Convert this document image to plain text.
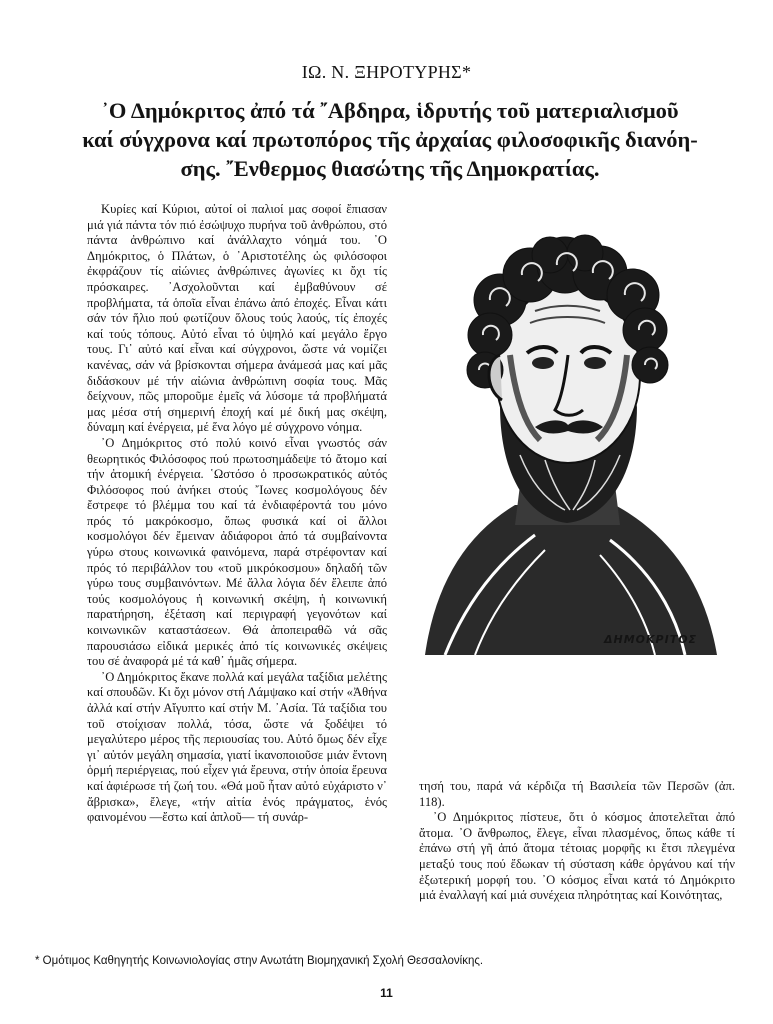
ΙΩ. Ν. ΞΗΡΟΤΥΡΗΣ*
᾿Ο Δημόκριτος ἀπό τά ῎Αβδηρα, ἱδρυτής τοῦ ματεριαλισμοῦ
καί σύγχρονα καί πρωτοπόρος τῆς ἀρχαίας φιλοσοφικῆς διανόη-
σης. ῎Ενθερμος θιασώτης τῆς Δημοκρατίας.

Κυρίες καί Κύριοι, αὐτοί οἱ παλιοί μας σοφοί ἔπιασαν μιά γιά πάντα τόν πιό ἐσώψυχο πυρήνα τοῦ ἀνθρώπου, στό πάντα ἀνθρώπινο καί ἀνάλλαχτο νόημά του. ᾿Ο Δημόκριτος, ὁ Πλάτων, ὁ ᾿Αριστοτέλης ὡς φιλόσοφοι ἐκφράζουν τίς αἰώνιες ἀνθρώπινες ἀγωνίες κι ὄχι τίς πρόσκαιρες. ᾿Ασχολοῦνται καί ἐμβαθύνουν σέ προβλήματα, τά ὁποῖα εἶναι ἐπάνω ἀπό ἐποχές. Εἶναι κάτι σάν τόν ἥλιο πού φωτίζουν ὅλους τούς λαούς, τίς ἐποχές καί τούς τόπους. Αὐτό εἶναι τό ὑψηλό καί μεγάλο ἔργο τους. Γι᾿ αὐτό καί εἶναι καί σύγχρονοι, ὥστε νά νομίζει κανένας, σάν νά βρίσκονται σήμερα ἀνάμεσά μας καί μᾶς διδάσκουν μέ τήν αἰώνια ἀνθρώπινη σοφία τους. Μᾶς δείχνουν, πῶς μποροῦμε ἐμεῖς νά λύσομε τά προβλήματά μας μέσα στή σημερινή ἐποχή καί μέ δική μας σκέψη, δύναμη καί ἐνέργεια, μέ ἕνα λόγο μέ σύγχρονο νόημα.

᾿Ο Δημόκριτος στό πολύ κοινό εἶναι γνωστός σάν θεωρητικός Φιλόσοφος πού πρωτοσημάδεψε τό ἄτομο καί τήν ἀτομική ἐνέργεια. ῾Ωστόσο ὁ προσωκρατικός αὐτός Φιλόσοφος πού ἀνήκει στούς ῎Ιωνες κοσμολόγους δέν ἔστρεφε τό βλέμμα του καί τά ἐνδιαφέροντά του μόνο πρός τό μακρόκοσμο, ὅπως φυσικά καί οἱ ἄλλοι κοσμολόγοι δέν ἔμειναν ἀδιάφοροι ἀπό τά συμβαίνοντα γύρω στους κοινωνικά φαινόμενα, παρά στρέφονταν καί πρός τό περιβάλλον του «τοῦ μικρόκοσμου» δηλαδή τῶν γύρω τους συμβαινόντων. Μέ ἄλλα λόγια δέν ἔλειπε ἀπό τούς κοσμολόγους ἡ κοινωνική σκέψη, ἡ κοινωνική παρατήρηση, ἐξέταση καί περιγραφή γεγονότων καί κοινωνικῶν καταστάσεων. Θά ἀποπειραθῶ νά σᾶς παρουσιάσω εἰδικά μερικές ἀπό τίς κοινωνικές σκέψεις του σέ ἀναφορά μέ τά καθ᾿ ἡμᾶς σήμερα.

᾿Ο Δημόκριτος ἔκανε πολλά καί μεγάλα ταξίδια μελέτης καί σπουδῶν. Κι ὄχι μόνον στή Λάμψακο καί στήν «Ἀθήνα ἀλλά καί στήν Αἴγυπτο καί στήν Μ. ᾿Ασία. Τά ταξίδια του τοῦ στοίχισαν πολλά, τόσα, ὥστε νά ξοδέψει τό μεγαλύτερο μέρος τῆς περιουσίας του. Αὐτό ὅμως δέν εἶχε γι᾿ αὐτόν μεγάλη σημασία, γιατί ἱκανοποιοῦσε μιάν ἔντονη ὁρμή περιέργειας, πού εἶχεν γιά ἔρευνα, στήν ὁποία ἔρευνα καί ἀφιέρωσε τή ζωή του. «Θά μοῦ ἦταν αὐτό εὐχάριστο ν᾿ ἄβρισκα», ἔλεγε, «τήν αἰτία ἑνός πράγματος, ἑνός φαινομένου —ἔστω καί ἁπλοῦ— τή συνάρ-

ΔΗΜΟΚΡΙΤΟΣ

τησή του, παρά νά κέρδιζα τή Βασιλεία τῶν Περσῶν (ἀπ. 118).

᾿Ο Δημόκριτος πίστευε, ὅτι ὁ κόσμος ἀποτελεῖται ἀπό ἄτομα. ᾿Ο ἄνθρωπος, ἔλεγε, εἶναι πλασμένος, ὅπως κάθε τί ἐπάνω στή γῆ ἀπό ἄτομα τέτοιας μορφῆς κι ἔτσι πλεγμένα μεταξύ τους πού ἔδωκαν τή σύσταση κάθε ὀργάνου καί τήν ἐξωτερική μορφή του. ᾿Ο κόσμος εἶναι κατά τό Δημόκριτο μιά ἐναλλαγή καί μιά συνέχεια πληρότητας καί Κοινότητας,

* Ομότιμος Καθηγητής Κοινωνιολογίας στην Ανωτάτη Βιομηχανική Σχολή Θεσσαλονίκης.
11
